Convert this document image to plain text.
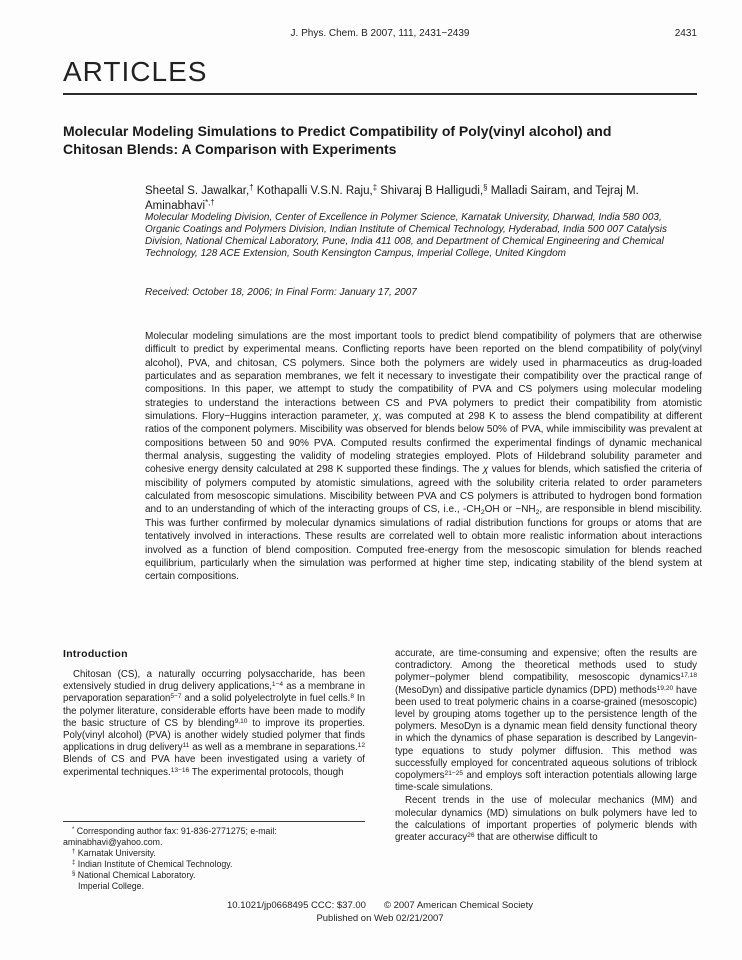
J. Phys. Chem. B 2007, 111, 2431−2439	2431
ARTICLES
Molecular Modeling Simulations to Predict Compatibility of Poly(vinyl alcohol) and Chitosan Blends: A Comparison with Experiments
Sheetal S. Jawalkar,† Kothapalli V.S.N. Raju,‡ Shivaraj B Halligudi,§ Malladi Sairam, and Tejraj M. Aminabhavi*,†
Molecular Modeling Division, Center of Excellence in Polymer Science, Karnatak University, Dharwad, India 580 003, Organic Coatings and Polymers Division, Indian Institute of Chemical Technology, Hyderabad, India 500 007 Catalysis Division, National Chemical Laboratory, Pune, India 411 008, and Department of Chemical Engineering and Chemical Technology, 128 ACE Extension, South Kensington Campus, Imperial College, United Kingdom
Received: October 18, 2006; In Final Form: January 17, 2007
Molecular modeling simulations are the most important tools to predict blend compatibility of polymers that are otherwise difficult to predict by experimental means. Conflicting reports have been reported on the blend compatibility of poly(vinyl alcohol), PVA, and chitosan, CS polymers. Since both the polymers are widely used in pharmaceutics as drug-loaded particulates and as separation membranes, we felt it necessary to investigate their compatibility over the practical range of compositions. In this paper, we attempt to study the compatibility of PVA and CS polymers using molecular modeling strategies to understand the interactions between CS and PVA polymers to predict their compatibility from atomistic simulations. Flory−Huggins interaction parameter, χ, was computed at 298 K to assess the blend compatibility at different ratios of the component polymers. Miscibility was observed for blends below 50% of PVA, while immiscibility was prevalent at compositions between 50 and 90% PVA. Computed results confirmed the experimental findings of dynamic mechanical thermal analysis, suggesting the validity of modeling strategies employed. Plots of Hildebrand solubility parameter and cohesive energy density calculated at 298 K supported these findings. The χ values for blends, which satisfied the criteria of miscibility of polymers computed by atomistic simulations, agreed with the solubility criteria related to order parameters calculated from mesoscopic simulations. Miscibility between PVA and CS polymers is attributed to hydrogen bond formation and to an understanding of which of the interacting groups of CS, i.e., -CH2OH or −NH2, are responsible in blend miscibility. This was further confirmed by molecular dynamics simulations of radial distribution functions for groups or atoms that are tentatively involved in interactions. These results are correlated well to obtain more realistic information about interactions involved as a function of blend composition. Computed free-energy from the mesoscopic simulation for blends reached equilibrium, particularly when the simulation was performed at higher time step, indicating stability of the blend system at certain compositions.
Introduction

Chitosan (CS), a naturally occurring polysaccharide, has been extensively studied in drug delivery applications,$^{1-4}$ as a membrane in pervaporation separation$^{5-7}$ and a solid polyelectrolyte in fuel cells.$^8$ In the polymer literature, considerable efforts have been made to modify the basic structure of CS by blending$^{9,10}$ to improve its properties. Poly(vinyl alcohol) (PVA) is another widely studied polymer that finds applications in drug delivery$^{11}$ as well as a membrane in separations.$^{12}$ Blends of CS and PVA have been investigated using a variety of experimental techniques.$^{13-16}$ The experimental protocols, though

* Corresponding author fax: 91-836-2771275; e-mail: aminabhavi@yahoo.com.
† Karnatak University.
‡ Indian Institute of Chemical Technology.
§ National Chemical Laboratory.
Imperial College.

accurate, are time-consuming and expensive; often the results are contradictory. Among the theoretical methods used to study polymer−polymer blend compatibility, mesoscopic dynamics$^{17,18}$ (MesoDyn) and dissipative particle dynamics (DPD) methods$^{19,20}$ have been used to treat polymeric chains in a coarse-grained (mesoscopic) level by grouping atoms together up to the persistence length of the polymers. MesoDyn is a dynamic mean field density functional theory in which the dynamics of phase separation is described by Langevin-type equations to study polymer diffusion. This method was successfully employed for concentrated aqueous solutions of triblock copolymers$^{21-25}$ and employs soft interaction potentials allowing large time-scale simulations.

Recent trends in the use of molecular mechanics (MM) and molecular dynamics (MD) simulations on bulk polymers have led to the calculations of important properties of polymeric blends with greater accuracy$^{26}$ that are otherwise difficult to

10.1021/jp0668495 CCC: $37.00 © 2007 American Chemical Society
Published on Web 02/21/2007
